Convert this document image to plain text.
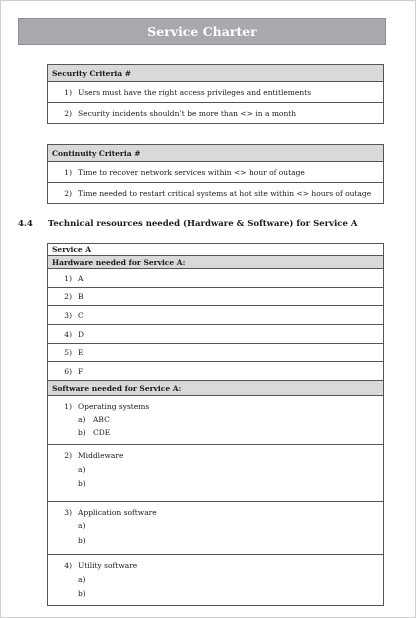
Service Charter
Security Criteria #
1) Users must have the right access privileges and entitlements
2) Security incidents shouldn’t be more than <> in a month
Continuity Criteria #
1) Time to recover network services within <> hour of outage
2) Time needed to restart critical systems at hot site within <> hours of outage
4.4	Technical resources needed (Hardware & Software) for Service A
Service A
Hardware needed for Service A:
1) A
2) B
3) C
4) D
5) E
6) F
Software needed for Service A:
1) Operating systems
a)	ABC
b) CDE
2) Middleware
a)
b)
3) Application software
a)
b)
4) Utility software
a)
b)
